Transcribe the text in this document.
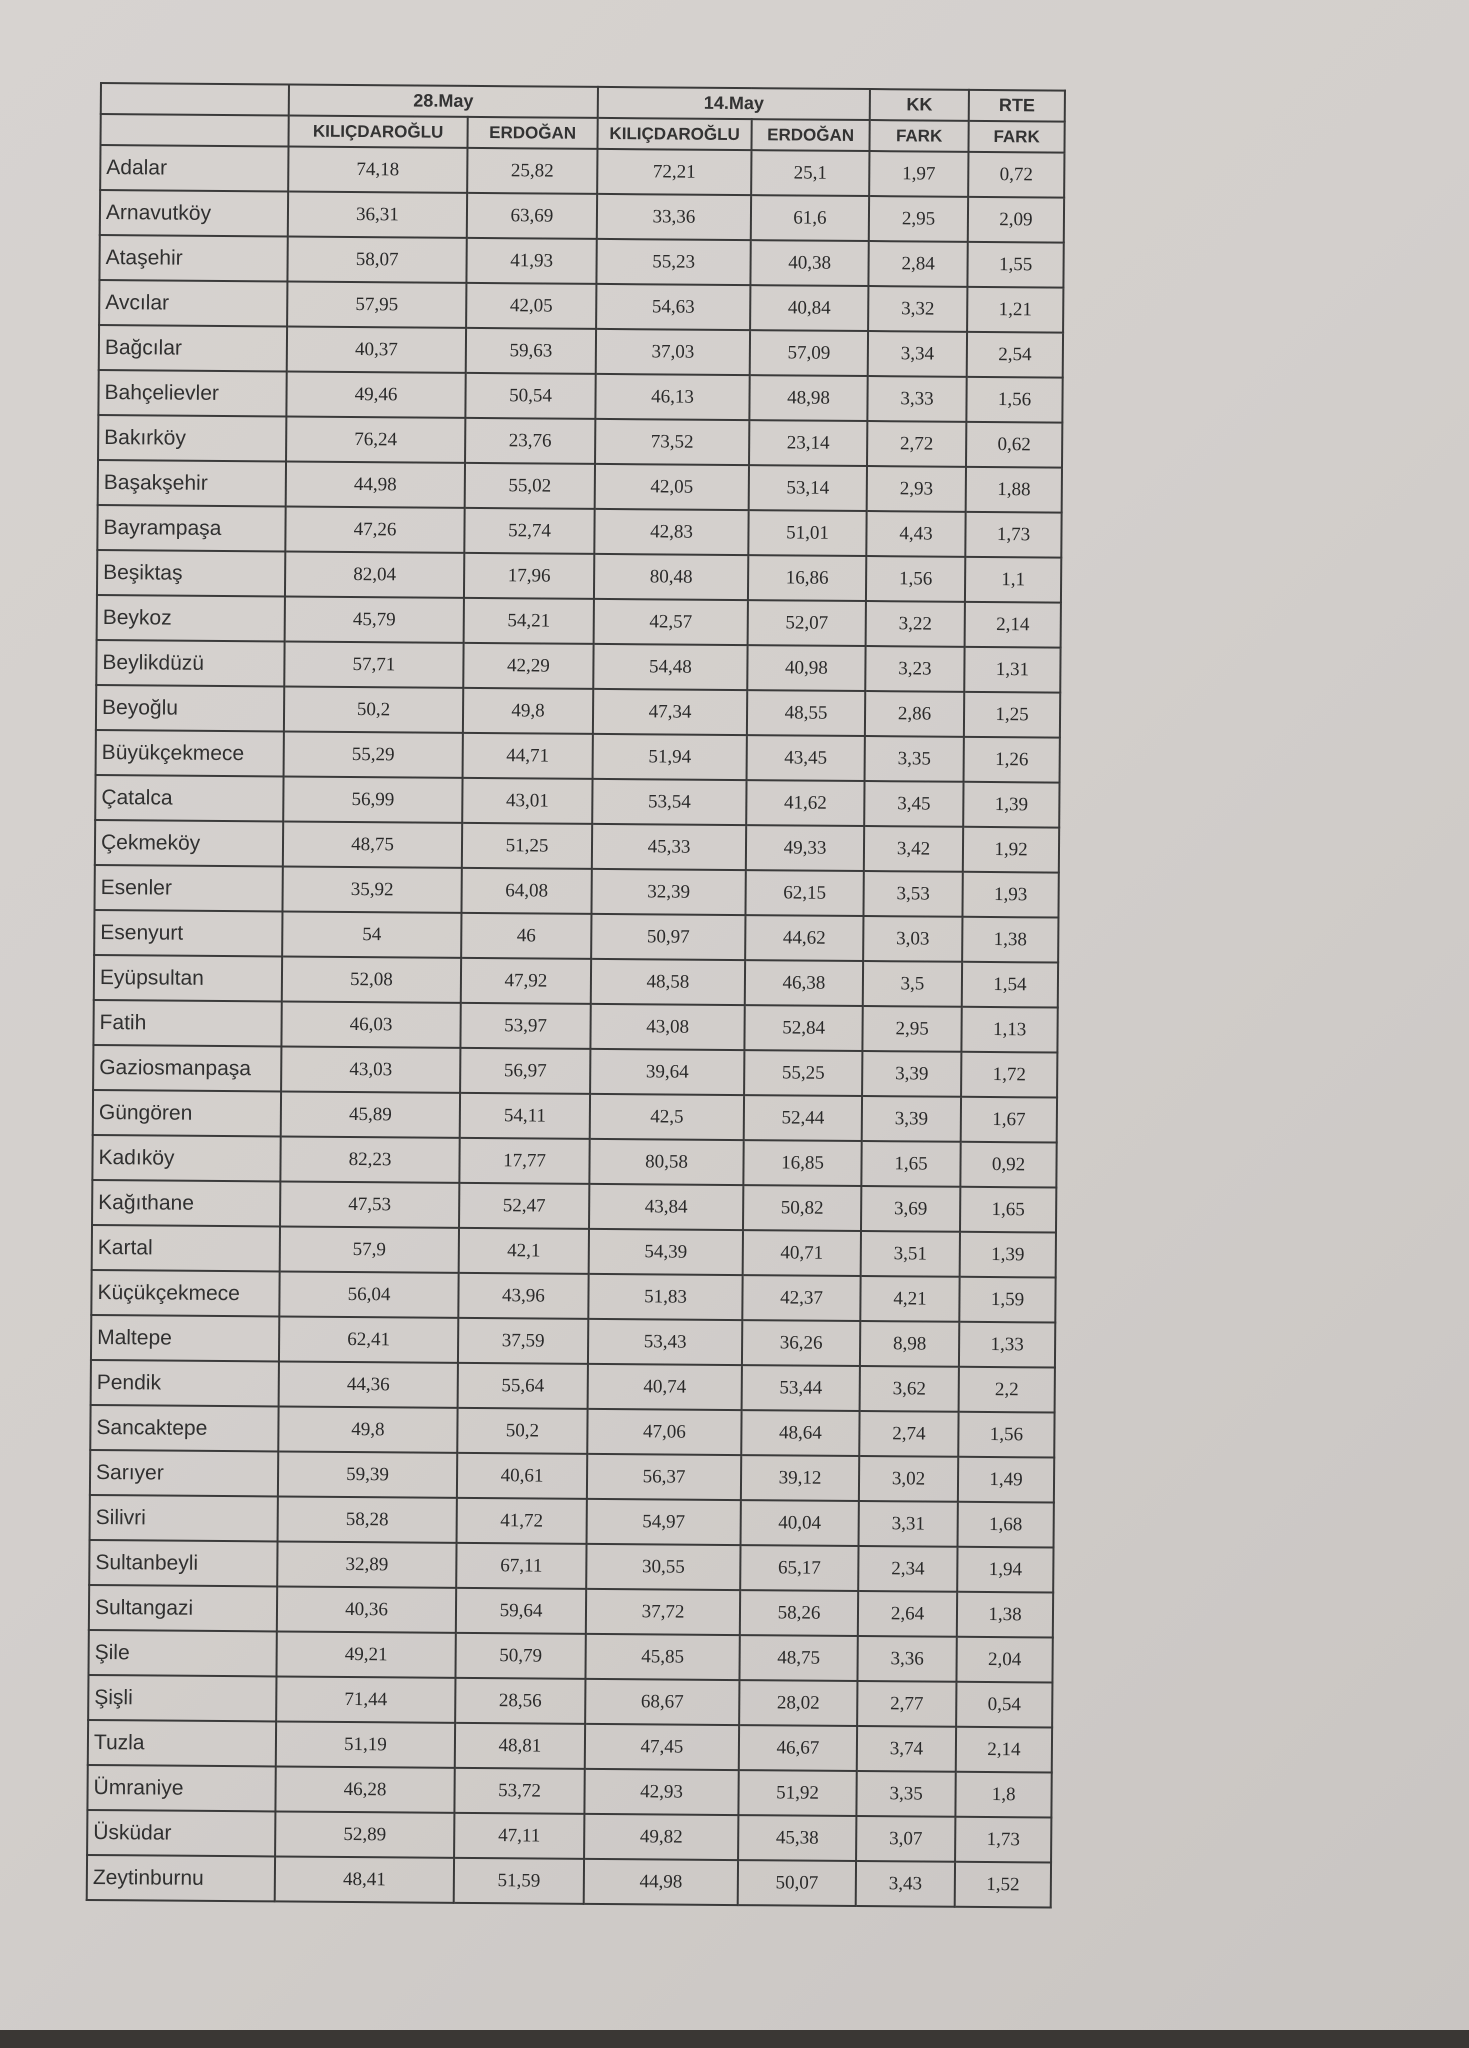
	28.May		14.May		KK	RTE
	KILIÇDAROĞLU	ERDOĞAN	KILIÇDAROĞLU	ERDOĞAN	FARK	FARK
Adalar	74,18	25,82	72,21	25,1	1,97	0,72
Arnavutköy	36,31	63,69	33,36	61,6	2,95	2,09
Ataşehir	58,07	41,93	55,23	40,38	2,84	1,55
Avcılar	57,95	42,05	54,63	40,84	3,32	1,21
Bağcılar	40,37	59,63	37,03	57,09	3,34	2,54
Bahçelievler	49,46	50,54	46,13	48,98	3,33	1,56
Bakırköy	76,24	23,76	73,52	23,14	2,72	0,62
Başakşehir	44,98	55,02	42,05	53,14	2,93	1,88
Bayrampaşa	47,26	52,74	42,83	51,01	4,43	1,73
Beşiktaş	82,04	17,96	80,48	16,86	1,56	1,1
Beykoz	45,79	54,21	42,57	52,07	3,22	2,14
Beylikdüzü	57,71	42,29	54,48	40,98	3,23	1,31
Beyoğlu	50,2	49,8	47,34	48,55	2,86	1,25
Büyükçekmece	55,29	44,71	51,94	43,45	3,35	1,26
Çatalca	56,99	43,01	53,54	41,62	3,45	1,39
Çekmeköy	48,75	51,25	45,33	49,33	3,42	1,92
Esenler	35,92	64,08	32,39	62,15	3,53	1,93
Esenyurt	54	46	50,97	44,62	3,03	1,38
Eyüpsultan	52,08	47,92	48,58	46,38	3,5	1,54
Fatih	46,03	53,97	43,08	52,84	2,95	1,13
Gaziosmanpaşa	43,03	56,97	39,64	55,25	3,39	1,72
Güngören	45,89	54,11	42,5	52,44	3,39	1,67
Kadıköy	82,23	17,77	80,58	16,85	1,65	0,92
Kağıthane	47,53	52,47	43,84	50,82	3,69	1,65
Kartal	57,9	42,1	54,39	40,71	3,51	1,39
Küçükçekmece	56,04	43,96	51,83	42,37	4,21	1,59
Maltepe	62,41	37,59	53,43	36,26	8,98	1,33
Pendik	44,36	55,64	40,74	53,44	3,62	2,2
Sancaktepe	49,8	50,2	47,06	48,64	2,74	1,56
Sarıyer	59,39	40,61	56,37	39,12	3,02	1,49
Silivri	58,28	41,72	54,97	40,04	3,31	1,68
Sultanbeyli	32,89	67,11	30,55	65,17	2,34	1,94
Sultangazi	40,36	59,64	37,72	58,26	2,64	1,38
Şile	49,21	50,79	45,85	48,75	3,36	2,04
Şişli	71,44	28,56	68,67	28,02	2,77	0,54
Tuzla	51,19	48,81	47,45	46,67	3,74	2,14
Ümraniye	46,28	53,72	42,93	51,92	3,35	1,8
Üsküdar	52,89	47,11	49,82	45,38	3,07	1,73
Zeytinburnu	48,41	51,59	44,98	50,07	3,43	1,52
